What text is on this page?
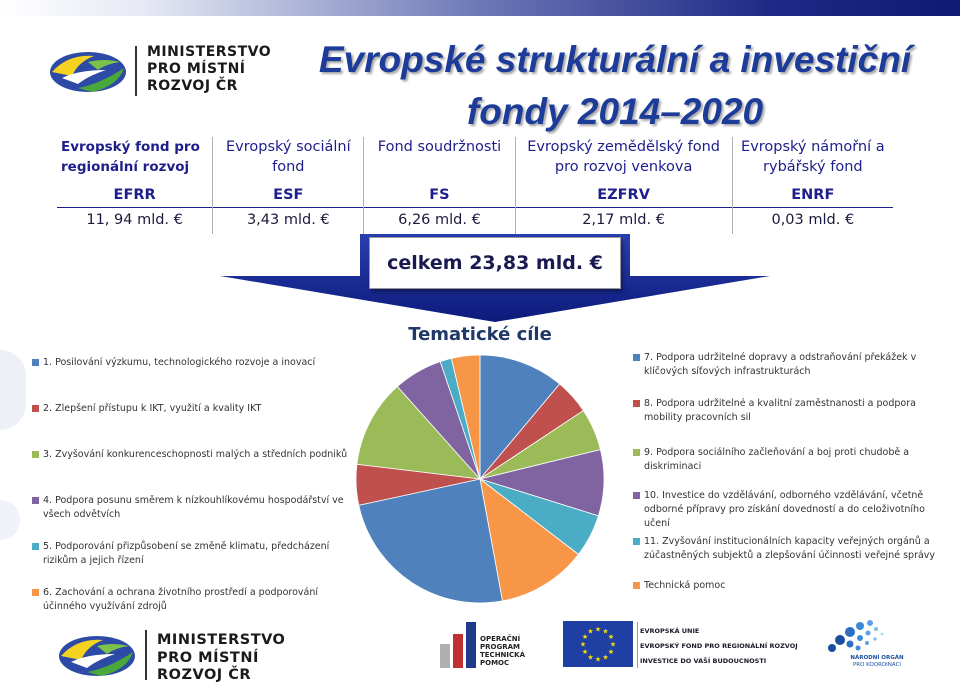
MINISTERSTVO
PRO MÍSTNÍ
ROZVOJ ČR
Evropské strukturální a investiční
fondy 2014–2020
Evropský fond pro regionální rozvoj	Evropský sociální fond	Fond soudržnosti	Evropský zemědělský fond pro rozvoj venkova	Evropský námořní a rybářský fond
EFRR	ESF	FS	EZFRV	ENRF
11, 94 mld. €	3,43 mld. €	6,26 mld. €	2,17 mld. €	0,03 mld. €
celkem 23,83 mld. €
Tematické cíle
1. Posilování výzkumu, technologického rozvoje a inovací
2. Zlepšení přístupu k IKT, využití a kvality IKT
3. Zvyšování konkurenceschopnosti malých a středních podniků
4. Podpora posunu směrem k nízkouhlíkovému hospodářství ve všech odvětvích
5. Podporování přizpůsobení se změně klimatu, předcházení rizikům a jejich řízení
6. Zachování a ochrana životního prostředí a podporování účinného využívání zdrojů
7. Podpora udržitelné dopravy a odstraňování překážek v klíčových síťových infrastrukturách
8. Podpora udržitelné a kvalitní zaměstnanosti a podpora mobility pracovních sil
9. Podpora sociálního začleňování a boj proti chudobě a diskriminaci
10. Investice do vzdělávání, odborného vzdělávání, včetně odborné přípravy pro získání dovedností a do celoživotního učení
11. Zvyšování institucionálních kapacity veřejných orgánů a zúčastněných subjektů a zlepšování účinnosti veřejné správy
Technická pomoc
MINISTERSTVO
PRO MÍSTNÍ
ROZVOJ ČR
OPERAČNÍ
PROGRAM
TECHNICKÁ
POMOC
★
★
★
★
★
★
★
★
★ ★ ★
★
EVROPSKÁ UNIE
EVROPSKÝ FOND PRO REGIONÁLNÍ ROZVOJ
INVESTICE DO VAŠÍ BUDOUCNOSTI	NÁRODNÍ ORGÁN
PRO KOORDINACI
